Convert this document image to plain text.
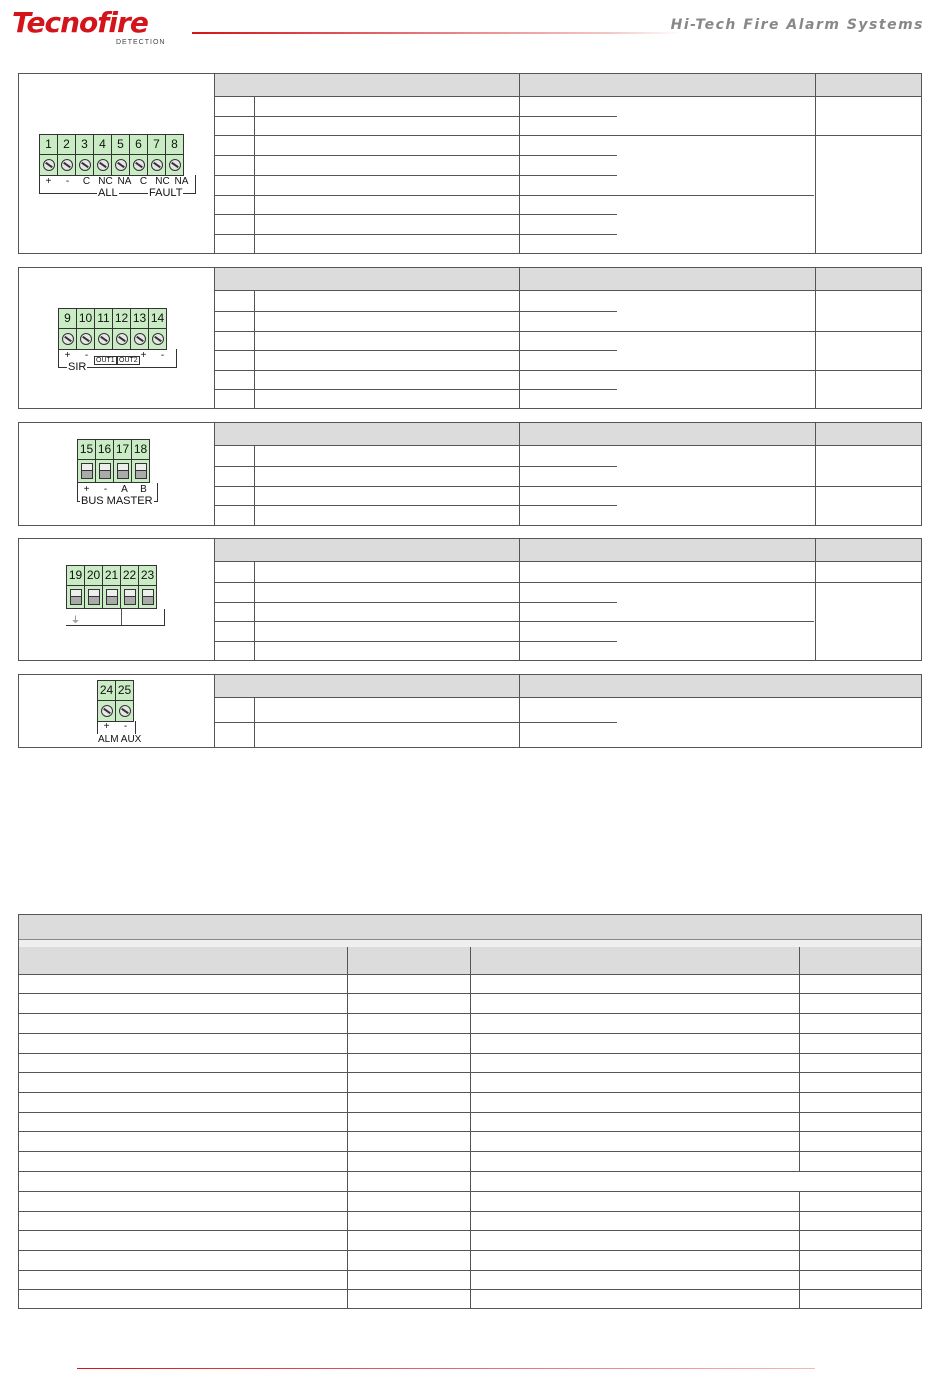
Tecnofire
DETECTION
Hi-Tech Fire Alarm Systems
1 2 3 4 5 6 7 8
+	-	C NC NA C NC NA
ALL	FAULT
9 10 11 12 13 14
+	-	+	-
OUT1 OUT2
SIR
15 16 17 18
+	-	A	B
BUS MASTER
19 20 21 22 23
⏚
24 25
+	-
ALM AUX
